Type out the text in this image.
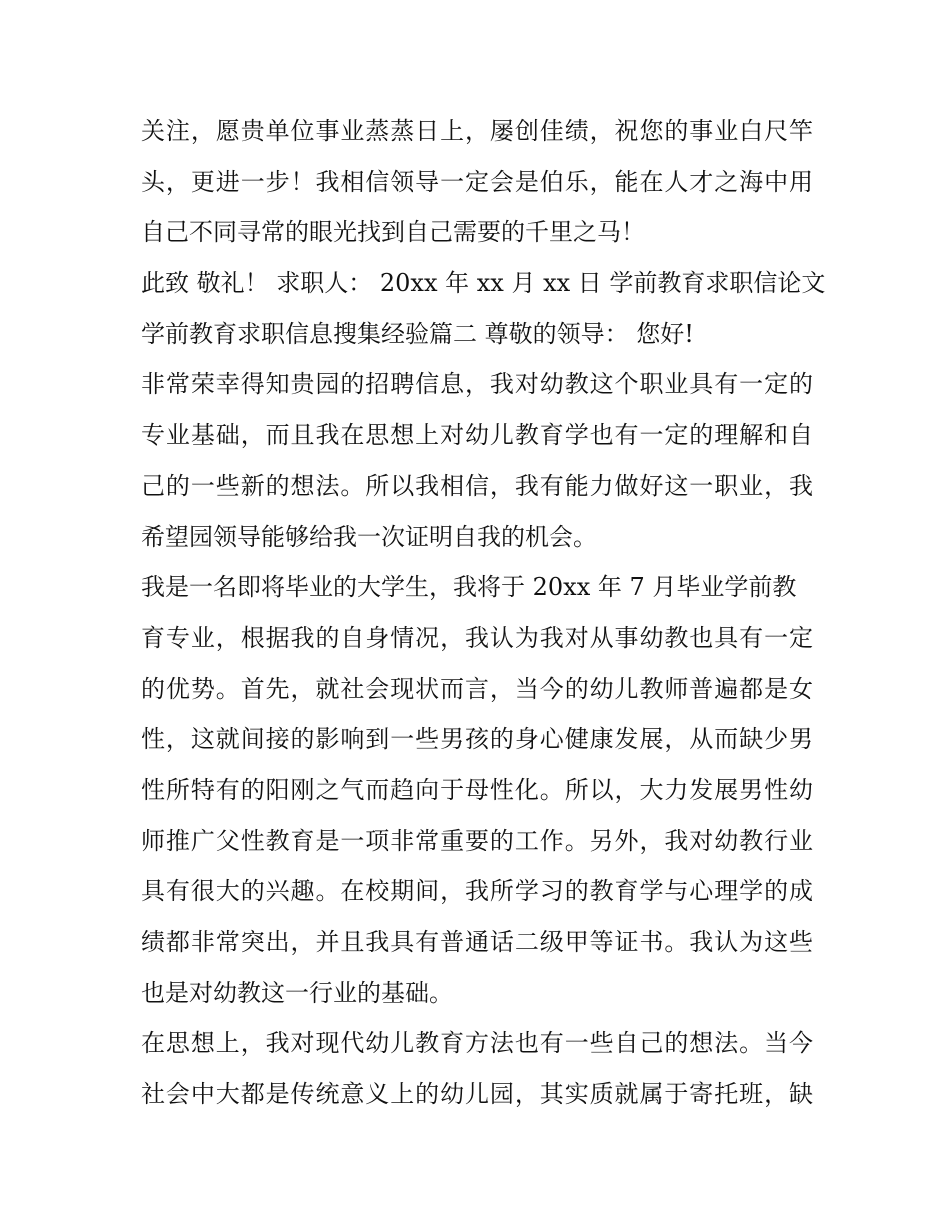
关注，愿贵单位事业蒸蒸日上，屡创佳绩，祝您的事业白尺竿
头，更进一步！我相信领导一定会是伯乐，能在人才之海中用
自己不同寻常的眼光找到自己需要的千里之马！
此致 敬礼！ 求职人： 20xx 年 xx 月 xx 日 学前教育求职信论文
学前教育求职信息搜集经验篇二 尊敬的领导： 您好!
非常荣幸得知贵园的招聘信息，我对幼教这个职业具有一定的
专业基础，而且我在思想上对幼儿教育学也有一定的理解和自
己的一些新的想法。所以我相信，我有能力做好这一职业，我
希望园领导能够给我一次证明自我的机会。
我是一名即将毕业的大学生，我将于 20xx 年 7 月毕业学前教
育专业，根据我的自身情况，我认为我对从事幼教也具有一定
的优势。首先，就社会现状而言，当今的幼儿教师普遍都是女
性，这就间接的影响到一些男孩的身心健康发展，从而缺少男
性所特有的阳刚之气而趋向于母性化。所以，大力发展男性幼
师推广父性教育是一项非常重要的工作。另外，我对幼教行业
具有很大的兴趣。在校期间，我所学习的教育学与心理学的成
绩都非常突出，并且我具有普通话二级甲等证书。我认为这些
也是对幼教这一行业的基础。
在思想上，我对现代幼儿教育方法也有一些自己的想法。当今
社会中大都是传统意义上的幼儿园，其实质就属于寄托班，缺
